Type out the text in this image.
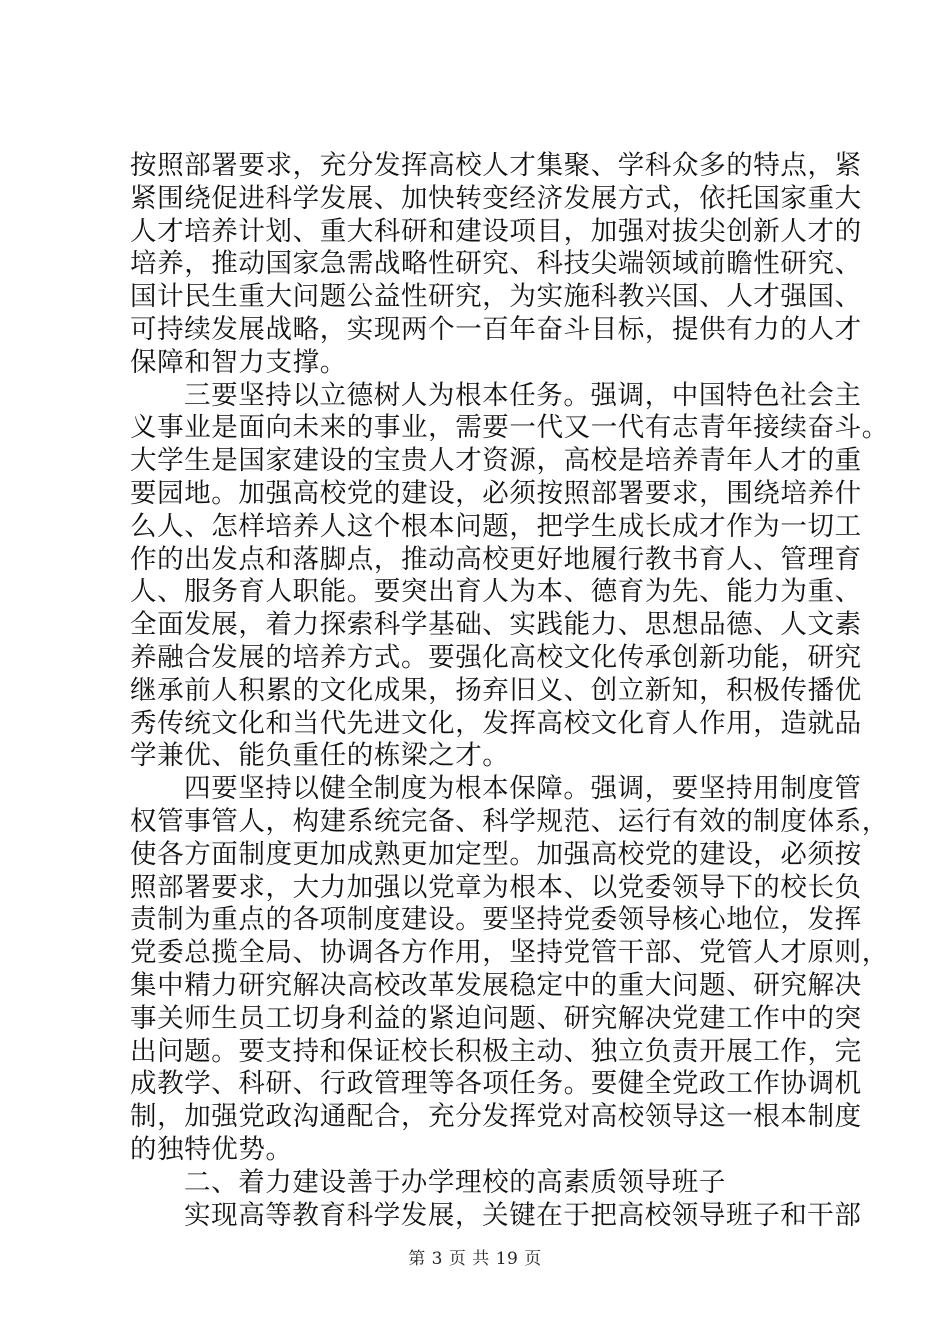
按照部署要求，充分发挥高校人才集聚、学科众多的特点，紧
紧围绕促进科学发展、加快转变经济发展方式，依托国家重大
人才培养计划、重大科研和建设项目，加强对拔尖创新人才的
培养，推动国家急需战略性研究、科技尖端领域前瞻性研究、
国计民生重大问题公益性研究，为实施科教兴国、人才强国、
可持续发展战略，实现两个一百年奋斗目标，提供有力的人才
保障和智力支撑。
三要坚持以立德树人为根本任务。强调，中国特色社会主
义事业是面向未来的事业，需要一代又一代有志青年接续奋斗。
大学生是国家建设的宝贵人才资源，高校是培养青年人才的重
要园地。加强高校党的建设，必须按照部署要求，围绕培养什
么人、怎样培养人这个根本问题，把学生成长成才作为一切工
作的出发点和落脚点，推动高校更好地履行教书育人、管理育
人、服务育人职能。要突出育人为本、德育为先、能力为重、
全面发展，着力探索科学基础、实践能力、思想品德、人文素
养融合发展的培养方式。要强化高校文化传承创新功能，研究
继承前人积累的文化成果，扬弃旧义、创立新知，积极传播优
秀传统文化和当代先进文化，发挥高校文化育人作用，造就品
学兼优、能负重任的栋梁之才。
四要坚持以健全制度为根本保障。强调，要坚持用制度管
权管事管人，构建系统完备、科学规范、运行有效的制度体系，
使各方面制度更加成熟更加定型。加强高校党的建设，必须按
照部署要求，大力加强以党章为根本、以党委领导下的校长负
责制为重点的各项制度建设。要坚持党委领导核心地位，发挥
党委总揽全局、协调各方作用，坚持党管干部、党管人才原则，
集中精力研究解决高校改革发展稳定中的重大问题、研究解决
事关师生员工切身利益的紧迫问题、研究解决党建工作中的突
出问题。要支持和保证校长积极主动、独立负责开展工作，完
成教学、科研、行政管理等各项任务。要健全党政工作协调机
制，加强党政沟通配合，充分发挥党对高校领导这一根本制度
的独特优势。
二、着力建设善于办学理校的高素质领导班子
实现高等教育科学发展，关键在于把高校领导班子和干部
第 3 页 共 19 页
